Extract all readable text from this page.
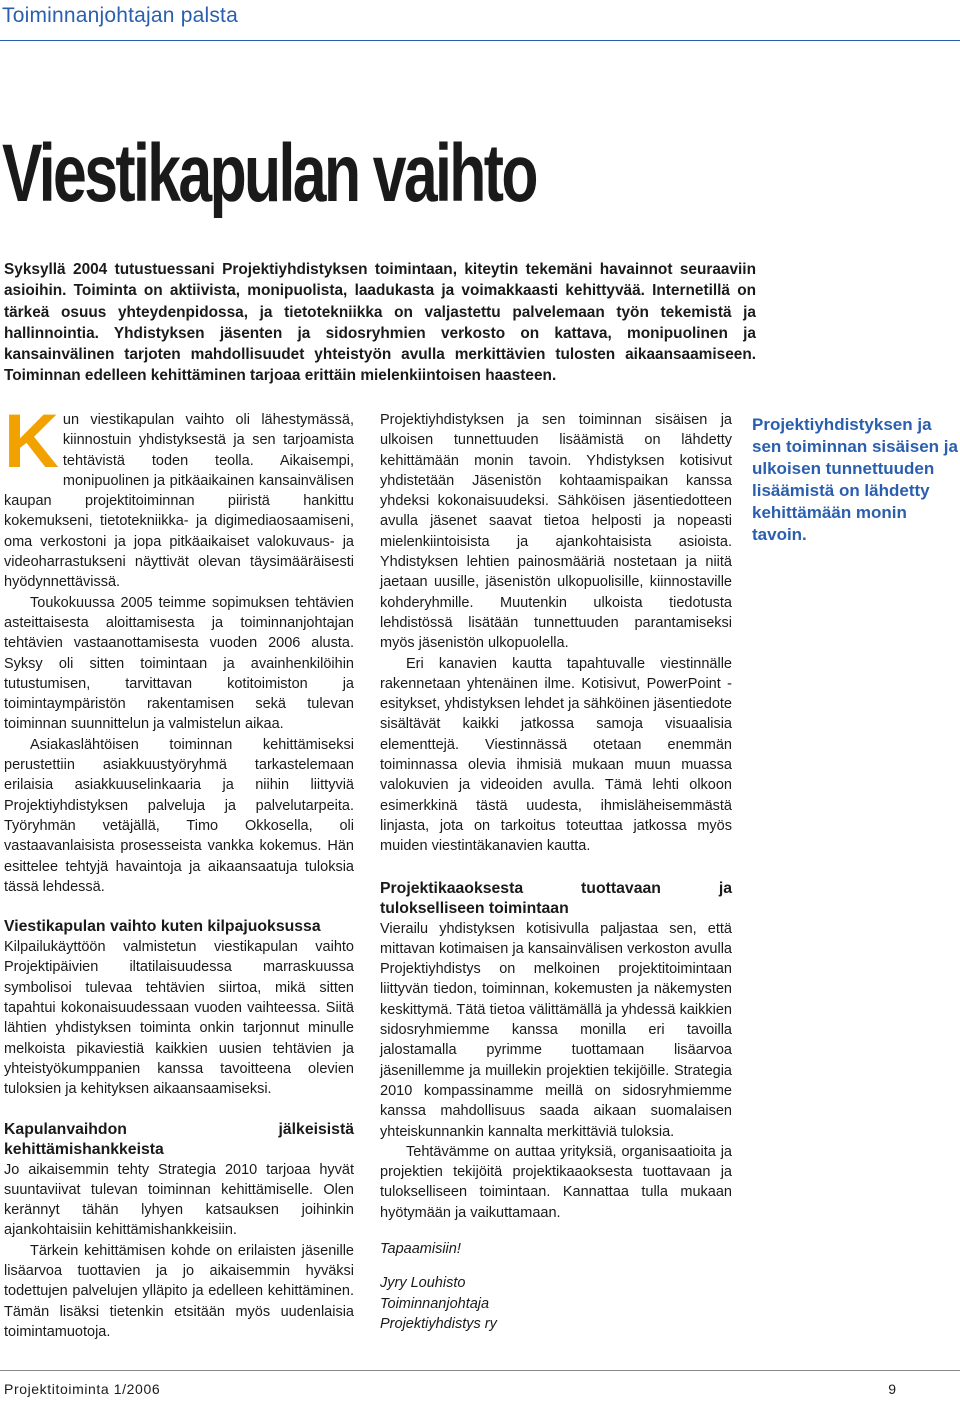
Toiminnanjohtajan palsta
Viestikapulan vaihto
Syksyllä 2004 tutustuessani Projektiyhdistyksen toimintaan, kiteytin tekemäni havainnot seuraaviin asioihin. Toiminta on aktiivista, monipuolista, laadukasta ja voimakkaasti kehittyvää. Internetillä on tärkeä osuus yhteydenpidossa, ja tietotekniikka on valjastettu palvelemaan työn tekemistä ja hallinnointia. Yhdistyksen jäsenten ja sidosryhmien verkosto on kattava, monipuolinen ja kansainvälinen tarjoten mahdollisuudet yhteistyön avulla merkittävien tulosten aikaansaamiseen. Toiminnan edelleen kehittäminen tarjoaa erittäin mielenkiintoisen haasteen.

Kun viestikapulan vaihto oli lähestymässä, kiinnostuin yhdistyksestä ja sen tarjoamista tehtävistä toden teolla. Aikaisempi, monipuolinen ja pitkäaikainen kansainvälisen kaupan projektitoiminnan piiristä hankittu kokemukseni, tietotekniikka- ja digimediaosaamiseni, oma verkostoni ja jopa pitkäaikaiset valokuvaus- ja videoharrastukseni näyttivät olevan täysimääräisesti hyödynnettävissä.

Toukokuussa 2005 teimme sopimuksen tehtävien asteittaisesta aloittamisesta ja toiminnanjohtajan tehtävien vastaanottamisesta vuoden 2006 alusta. Syksy oli sitten toimintaan ja avainhenkilöihin tutustumisen, tarvittavan kotitoimiston ja toimintaympäristön rakentamisen sekä tulevan toiminnan suunnittelun ja valmistelun aikaa.

Asiakaslähtöisen toiminnan kehittämiseksi perustettiin asiakkuustyöryhmä tarkastelemaan erilaisia asiakkuuselinkaaria ja niihin liittyviä Projektiyhdistyksen palveluja ja palvelutarpeita. Työryhmän vetäjällä, Timo Okkosella, oli vastaavanlaisista prosesseista vankka kokemus. Hän esittelee tehtyjä havaintoja ja aikaansaatuja tuloksia tässä lehdessä.

Viestikapulan vaihto kuten kilpajuoksussa

Kilpailukäyttöön valmistetun viestikapulan vaihto Projektipäivien iltatilaisuudessa marraskuussa symbolisoi tulevaa tehtävien siirtoa, mikä sitten tapahtui kokonaisuudessaan vuoden vaihteessa. Siitä lähtien yhdistyksen toiminta onkin tarjonnut minulle melkoista pikaviestiä kaikkien uusien tehtävien ja yhteistyökumppanien kanssa tavoitteena olevien tuloksien ja kehityksen aikaansaamiseksi.

Kapulanvaihdon jälkeisistä kehittämishankkeista

Jo aikaisemmin tehty Strategia 2010 tarjoaa hyvät suuntaviivat tulevan toiminnan kehittämiselle. Olen kerännyt tähän lyhyen katsauksen joihinkin ajankohtaisiin kehittämishankkeisiin.

Tärkein kehittämisen kohde on erilaisten jäsenille lisäarvoa tuottavien ja jo aikaisemmin hyväksi todettujen palvelujen ylläpito ja edelleen kehittäminen. Tämän lisäksi tietenkin etsitään myös uudenlaisia toimintamuotoja.

Projektiyhdistyksen ja sen toiminnan sisäisen ja ulkoisen tunnettuuden lisäämistä on lähdetty kehittämään monin tavoin. Yhdistyksen kotisivut yhdistetään Jäsenistön kohtaamispaikan kanssa yhdeksi kokonaisuudeksi. Sähköisen jäsentiedotteen avulla jäsenet saavat tietoa helposti ja nopeasti mielenkiintoisista ja ajankohtaisista asioista. Yhdistyksen lehtien painosmääriä nostetaan ja niitä jaetaan uusille, jäsenistön ulkopuolisille, kiinnostaville kohderyhmille. Muutenkin ulkoista tiedotusta lehdistössä lisätään tunnettuuden parantamiseksi myös jäsenistön ulkopuolella.

Eri kanavien kautta tapahtuvalle viestinnälle rakennetaan yhtenäinen ilme. Kotisivut, PowerPoint -esitykset, yhdistyksen lehdet ja sähköinen jäsentiedote sisältävät kaikki jatkossa samoja visuaalisia elementtejä. Viestinnässä otetaan enemmän toiminnassa olevia ihmisiä mukaan muun muassa valokuvien ja videoiden avulla. Tämä lehti olkoon esimerkkinä tästä uudesta, ihmisläheisemmästä linjasta, jota on tarkoitus toteuttaa jatkossa myös muiden viestintäkanavien kautta.

Projektikaaoksesta tuottavaan ja tulokselliseen toimintaan

Vierailu yhdistyksen kotisivulla paljastaa sen, että mittavan kotimaisen ja kansainvälisen verkoston avulla Projektiyhdistys on melkoinen projektitoimintaan liittyvän tiedon, toiminnan, kokemusten ja näkemysten keskittymä. Tätä tietoa välittämällä ja yhdessä kaikkien sidosryhmiemme kanssa monilla eri tavoilla jalostamalla pyrimme tuottamaan lisäarvoa jäsenillemme ja muillekin projektien tekijöille. Strategia 2010 kompassinamme meillä on sidosryhmiemme kanssa mahdollisuus saada aikaan suomalaisen yhteiskunnankin kannalta merkittäviä tuloksia.

Tehtävämme on auttaa yrityksiä, organisaatioita ja projektien tekijöitä projektikaaoksesta tuottavaan ja tulokselliseen toimintaan. Kannattaa tulla mukaan hyötymään ja vaikuttamaan.

Tapaamisiin!
Jyry Louhisto
Toiminnanjohtaja
Projektiyhdistys ry
Projektiyhdistyksen ja sen toiminnan sisäisen ja ulkoisen tunnettuuden lisäämistä on lähdetty kehittämään monin tavoin.
Projektitoiminta 1/2006	9
